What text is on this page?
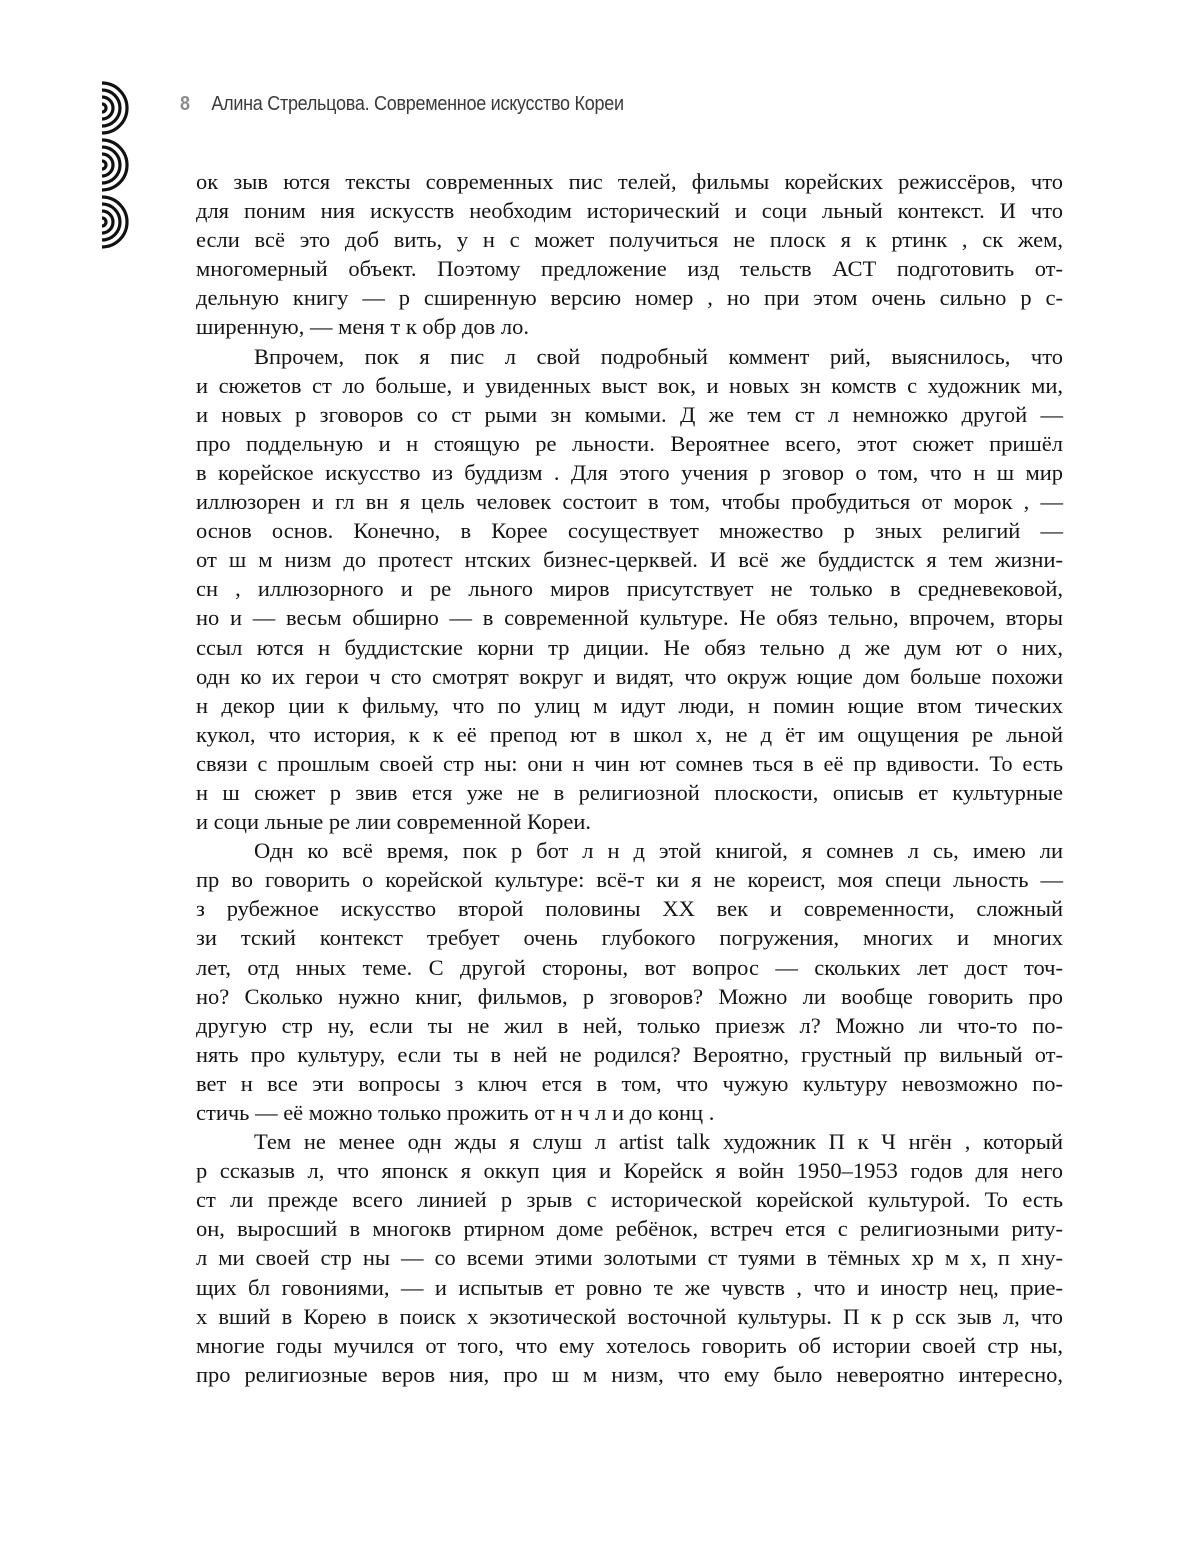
8 Алина Стрельцова. Современное искусство Кореи

ок зыв ются тексты современных пис телей, фильмы корейских режиссёров, что

для поним ния искусств необходим исторический и соци льный контекст. И что

если всё это доб вить, у н с может получиться не плоск я к ртинк , ск жем,

многомерный объект. Поэтому предложение изд тельств АСТ подготовить от-

дельную книгу — р сширенную версию номер , но при этом очень сильно р с-

ширенную, — меня т к обр дов ло.

Впрочем, пок я пис л свой подробный коммент рий, выяснилось, что

и сюжетов ст ло больше, и увиденных выст вок, и новых зн комств с художник ми,

и новых р зговоров со ст рыми зн комыми. Д же тем ст л немножко другой —

про поддельную и н стоящую ре льности. Вероятнее всего, этот сюжет пришёл

в корейское искусство из буддизм . Для этого учения р зговор о том, что н ш мир

иллюзорен и гл вн я цель человек состоит в том, чтобы пробудиться от морок , —

основ основ. Конечно, в Корее сосуществует множество р зных религий —

от ш м низм до протест нтских бизнес-церквей. И всё же буддистск я тем жизни-

сн , иллюзорного и ре льного миров присутствует не только в средневековой,

но и — весьм обширно — в современной культуре. Не обяз тельно, впрочем, вторы

ссыл ются н буддистские корни тр диции. Не обяз тельно д же дум ют о них,

одн ко их герои ч сто смотрят вокруг и видят, что окруж ющие дом больше похожи

н декор ции к фильму, что по улиц м идут люди, н помин ющие втом тических

кукол, что история, к к её препод ют в школ х, не д ёт им ощущения ре льной

связи с прошлым своей стр ны: они н чин ют сомнев ться в её пр вдивости. То есть

н ш сюжет р звив ется уже не в религиозной плоскости, описыв ет культурные

и соци льные ре лии современной Кореи.

Одн ко всё время, пок р бот л н д этой книгой, я сомнев л сь, имею ли

пр во говорить о корейской культуре: всё-т ки я не кореист, моя специ льность —

з рубежное искусство второй половины XX век и современности, сложный

зи тский контекст требует очень глубокого погружения, многих и многих

лет, отд нных теме. С другой стороны, вот вопрос — скольких лет дост точ-

но? Сколько нужно книг, фильмов, р зговоров? Можно ли вообще говорить про

другую стр ну, если ты не жил в ней, только приезж л? Можно ли что-то по-

нять про культуру, если ты в ней не родился? Вероятно, грустный пр вильный от-

вет н все эти вопросы з ключ ется в том, что чужую культуру невозможно по-

стичь — её можно только прожить от н ч л и до конц .

Тем не менее одн жды я слуш л artist talk художник П к Ч нгён , который

р ссказыв л, что японск я оккуп ция и Корейск я войн 1950–1953 годов для него

ст ли прежде всего линией р зрыв с исторической корейской культурой. То есть

он, выросший в многокв ртирном доме ребёнок, встреч ется с религиозными риту-

л ми своей стр ны — со всеми этими золотыми ст туями в тёмных хр м х, п хну-

щих бл говониями, — и испытыв ет ровно те же чувств , что и иностр нец, прие-

х вший в Корею в поиск х экзотической восточной культуры. П к р сск зыв л, что

многие годы мучился от того, что ему хотелось говорить об истории своей стр ны,

про религиозные веров ния, про ш м низм, что ему было невероятно интересно,
